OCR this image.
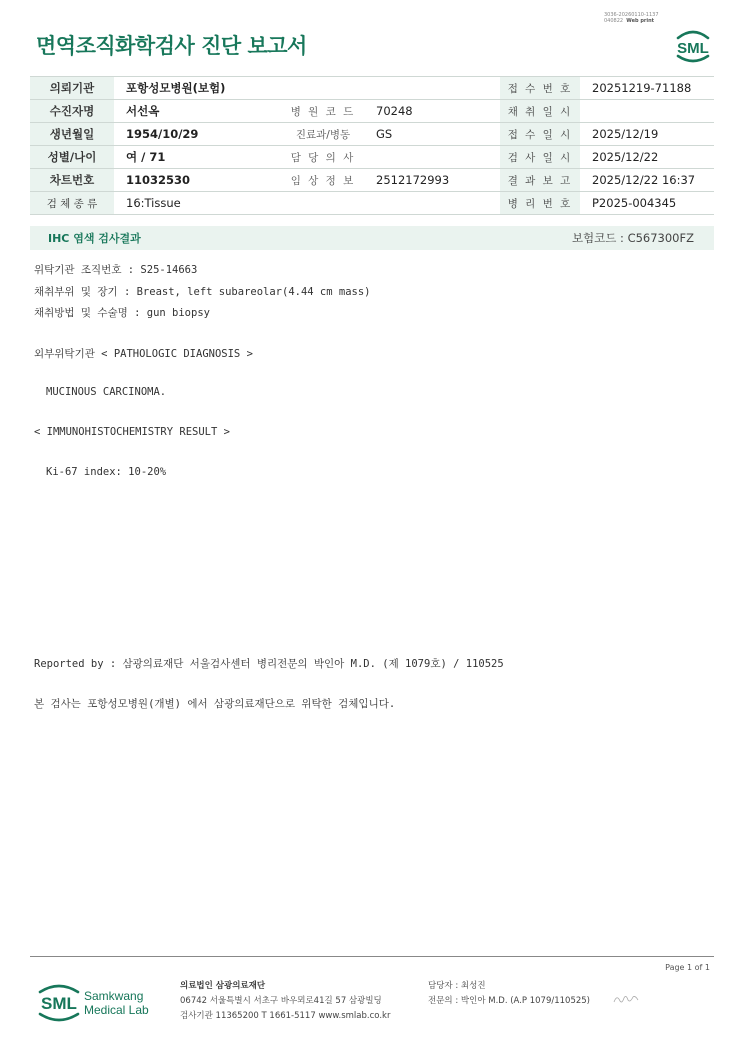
3036-20260110-1137
040822 Web print
면역조직화학검사 진단 보고서	SML
의뢰기관	포항성모병원(보험)			접 수 번 호	20251219-71188
수진자명	서선옥	병 원 코 드	70248	채 취 일 시	
생년월일	1954/10/29	진료과/병동	GS	접 수 일 시	2025/12/19
성별/나이	여 / 71	담 당 의 사		검 사 일 시	2025/12/22
차트번호	11032530	임 상 정 보	2512172993	결 과 보 고	2025/12/22 16:37
검 체 종 류	16:Tissue			병 리 번 호	P2025-004345
IHC 염색 검사결과	보험코드 : C567300FZ
위탁기관 조직번호 : S25-14663
채취부위 및 장기 : Breast, left subareolar(4.44 cm mass)
채취방법 및 수술명 : gun biopsy
외부위탁기관 < PATHOLOGIC DIAGNOSIS >
MUCINOUS CARCINOMA.
< IMMUNOHISTOCHEMISTRY RESULT >
Ki-67 index: 10-20%
Reported by : 삼광의료재단 서울검사센터 병리전문의 박인아 M.D. (제 1079호) / 110525
본 검사는 포항성모병원(개별) 에서 삼광의료재단으로 위탁한 검체입니다.
Page 1 of 1
SML Samkwang
Medical Lab
의료법인 삼광의료재단
06742 서울특별시 서초구 바우뫼로41길 57 삼광빌딩
검사기관 11365200 T 1661-5117 www.smlab.co.kr
담당자 : 최성진
전문의 : 박인아 M.D. (A.P 1079/110525)
